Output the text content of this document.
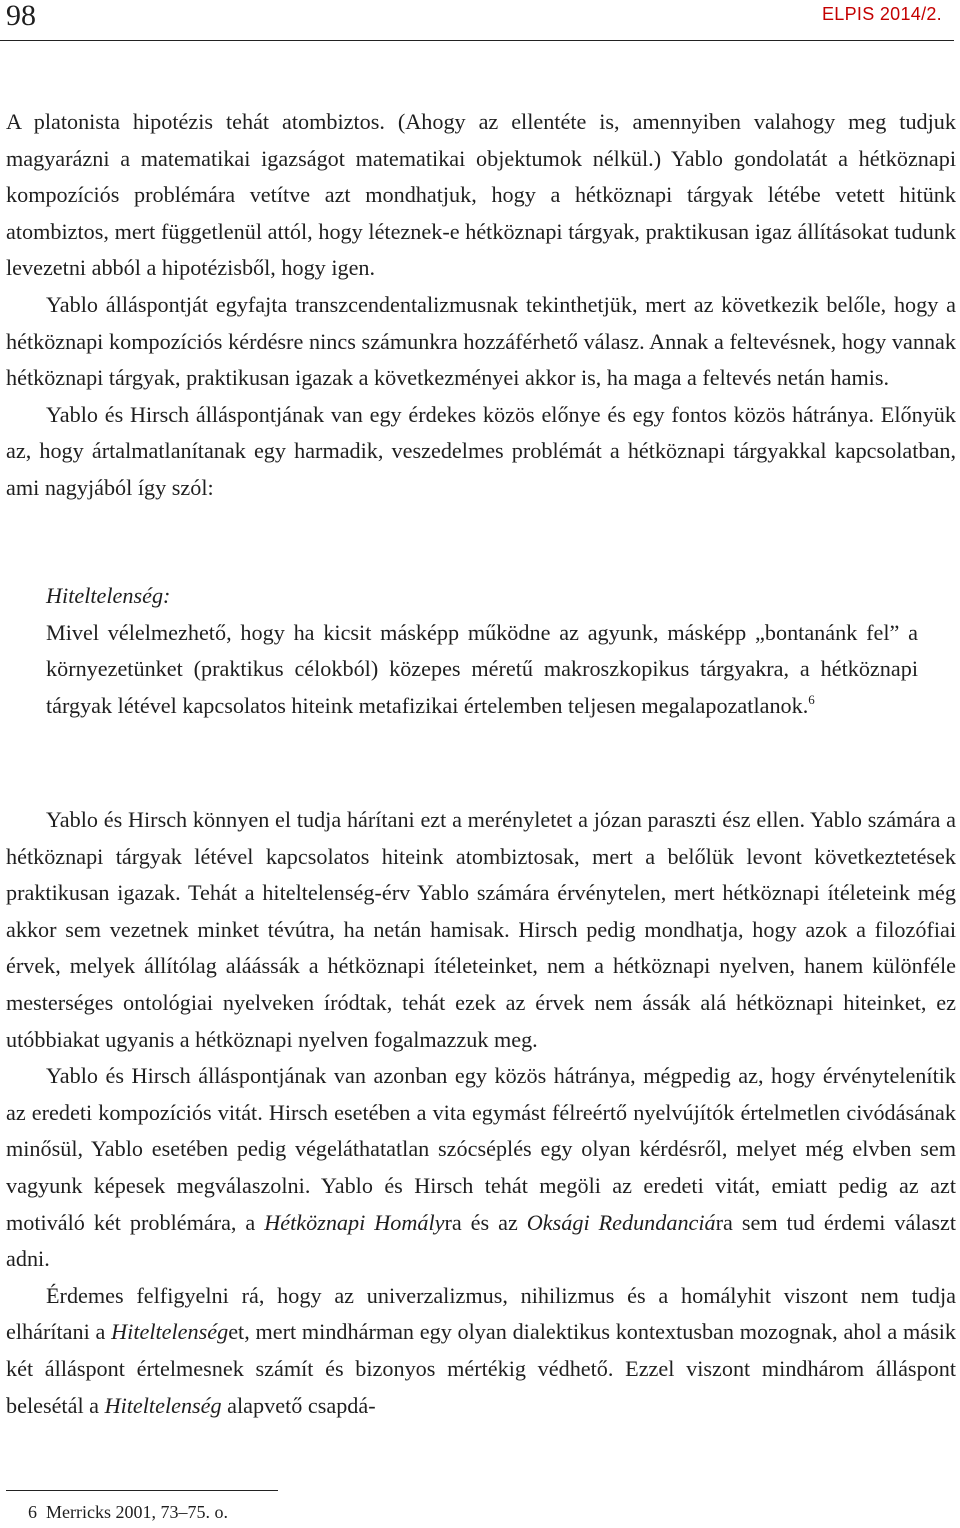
98	ELPIS 2014/2.

A platonista hipotézis tehát atombiztos. (Ahogy az ellentéte is, amennyiben valahogy meg tudjuk magyarázni a matematikai igazságot matematikai objektumok nélkül.) Yablo gondolatát a hétköznapi kompozíciós problémára vetítve azt mondhatjuk, hogy a hétköznapi tárgyak létébe vetett hitünk atombiztos, mert függetlenül attól, hogy léteznek-e hétköznapi tárgyak, praktikusan igaz állításokat tudunk levezetni abból a hipotézisből, hogy igen.

Yablo álláspontját egyfajta transzcendentalizmusnak tekinthetjük, mert az következik belőle, hogy a hétköznapi kompozíciós kérdésre nincs számunkra hozzáférhető válasz. Annak a feltevésnek, hogy vannak hétköznapi tárgyak, praktikusan igazak a következményei akkor is, ha maga a feltevés netán hamis.

Yablo és Hirsch álláspontjának van egy érdekes közös előnye és egy fontos közös hátránya. Előnyük az, hogy ártalmatlanítanak egy harmadik, veszedelmes problémát a hétköznapi tárgyakkal kapcsolatban, ami nagyjából így szól:

Hiteltelenség:

Mivel vélelmezhető, hogy ha kicsit másképp működne az agyunk, másképp „bontanánk fel” a környezetünket (praktikus célokból) közepes méretű makroszkopikus tárgyakra, a hétköznapi tárgyak létével kapcsolatos hiteink metafizikai értelemben teljesen megalapozatlanok.$^6$

Yablo és Hirsch könnyen el tudja hárítani ezt a merényletet a józan paraszti ész ellen. Yablo számára a hétköznapi tárgyak létével kapcsolatos hiteink atombiztosak, mert a belőlük levont következtetések praktikusan igazak. Tehát a hiteltelenség-érv Yablo számára érvénytelen, mert hétköznapi ítéleteink még akkor sem vezetnek minket tévútra, ha netán hamisak. Hirsch pedig mondhatja, hogy azok a filozófiai érvek, melyek állítólag aláássák a hétköznapi ítéleteinket, nem a hétköznapi nyelven, hanem különféle mesterséges ontológiai nyelveken íródtak, tehát ezek az érvek nem ássák alá hétköznapi hiteinket, ez utóbbiakat ugyanis a hétköznapi nyelven fogalmazzuk meg.

Yablo és Hirsch álláspontjának van azonban egy közös hátránya, mégpedig az, hogy érvénytelenítik az eredeti kompozíciós vitát. Hirsch esetében a vita egymást félreértő nyelvújítók értelmetlen civódásának minősül, Yablo esetében pedig végeláthatatlan szócséplés egy olyan kérdésről, melyet még elvben sem vagyunk képesek megválaszolni. Yablo és Hirsch tehát megöli az eredeti vitát, emiatt pedig az azt motiváló két problémára, a Hétköznapi Homályra és az Oksági Redundanciára sem tud érdemi választ adni.

Érdemes felfigyelni rá, hogy az univerzalizmus, nihilizmus és a homályhit viszont nem tudja elhárítani a Hiteltelenséget, mert mindhárman egy olyan dialektikus kontextusban mozognak, ahol a másik két álláspont értelmesnek számít és bizonyos mértékig védhető. Ezzel viszont mindhárom álláspont belesétál a Hiteltelenség alapvető csapdá-

6 Merricks 2001, 73–75. o.
